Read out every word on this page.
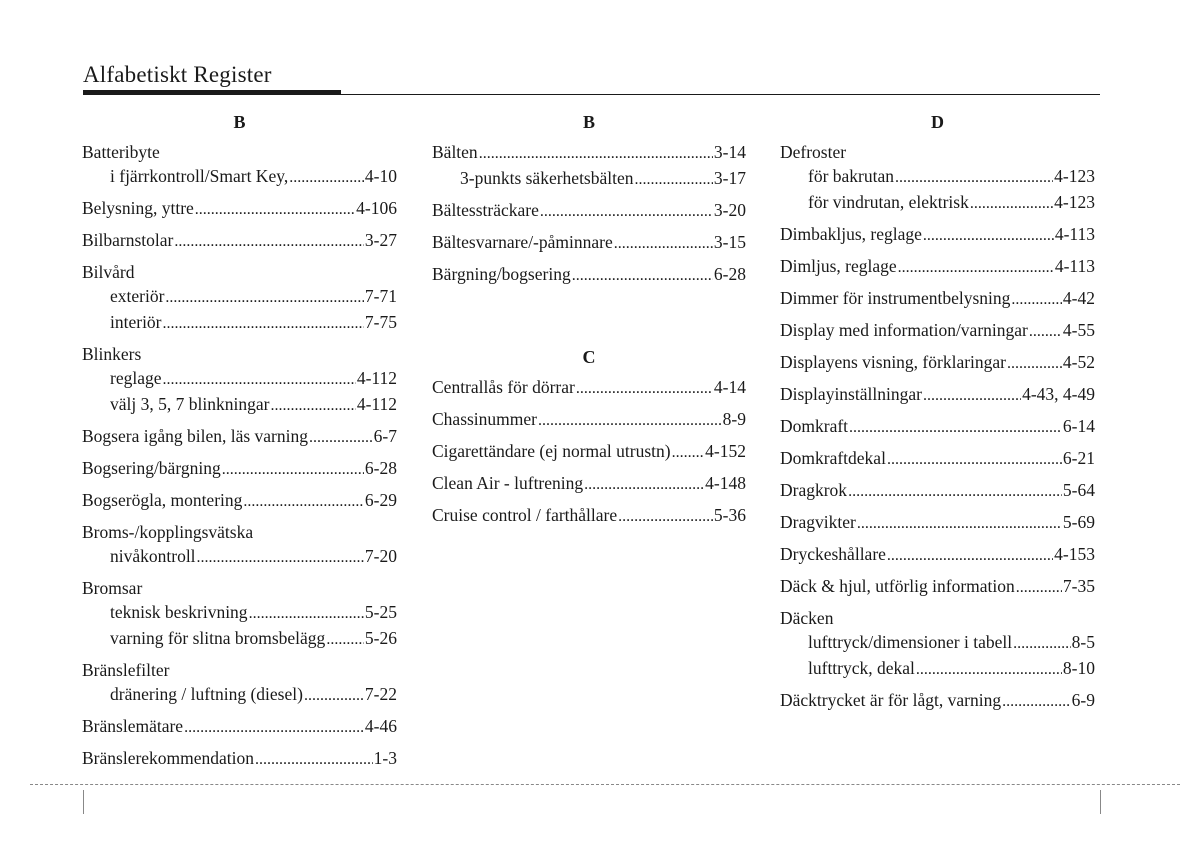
Alfabetiskt Register
B
Batteribyte
i fjärrkontroll/Smart Key, .....	4-10
Belysning, yttre .....	4-106
Bilbarnstolar .....	3-27
Bilvård
exteriör .....	7-71
interiör .....	7-75
Blinkers
reglage .....	4-112
välj 3, 5, 7 blinkningar .....	4-112
Bogsera igång bilen, läs varning .....	6-7
Bogsering/bärgning .....	6-28
Bogserögla, montering .....	6-29
Broms-/kopplingsvätska
nivåkontroll .....	7-20
Bromsar
teknisk beskrivning .....	5-25
varning för slitna bromsbelägg ..... 5-26
Bränslefilter
dränering / luftning (diesel) .....	7-22
Bränslemätare .....	4-46
Bränslerekommendation .....	1-3
B
Bälten .....	3-14
3-punkts säkerhetsbälten .....	3-17
Bältessträckare .....	3-20
Bältesvarnare/-påminnare .....	3-15
Bärgning/bogsering .....	6-28
C
Centrallås för dörrar .....	4-14
Chassinummer .....	8-9
Cigarettändare (ej normal utrustn) ..... 4-152
Clean Air - luftrening .....	4-148
Cruise control / farthållare .....	5-36
D
Defroster
för bakrutan .....	4-123
för vindrutan, elektrisk .....	4-123
Dimbakljus, reglage .....	4-113
Dimljus, reglage .....	4-113
Dimmer för instrumentbelysning .....	4-42
Display med information/varningar ..... 4-55
Displayens visning, förklaringar .....	4-52
Displayinställningar .....	4-43, 4-49
Domkraft .....	6-14
Domkraftdekal .....	6-21
Dragkrok .....	5-64
Dragvikter .....	5-69
Dryckeshållare .....	4-153
Däck & hjul, utförlig information .....	7-35
Däcken
lufttryck/dimensioner i tabell .....	8-5
lufttryck, dekal .....	8-10
Däcktrycket är för lågt, varning .....	6-9
